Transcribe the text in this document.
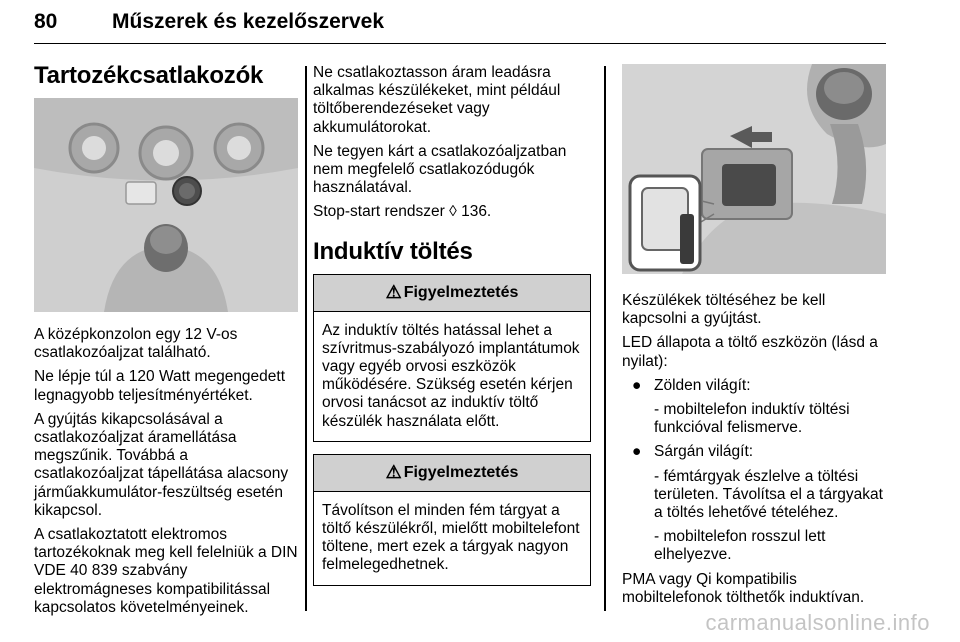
80	Műszerek és kezelőszervek
Tartozékcsatlakozók

A középkonzolon egy 12 V-os csatlakozóaljzat található.

Ne lépje túl a 120 Watt megengedett legnagyobb teljesítményértéket.

A gyújtás kikapcsolásával a csatlakozóaljzat áramellátása megszűnik. Továbbá a csatlakozóaljzat tápellátása alacsony járműakkumulátor-feszültség esetén kikapcsol.

A csatlakoztatott elektromos tartozékoknak meg kell felelniük a DIN VDE 40 839 szabvány elektromágneses kompatibilitással kapcsolatos követelményeinek.

Ne csatlakoztasson áram leadásra alkalmas készülékeket, mint például töltőberendezéseket vagy akkumulátorokat.

Ne tegyen kárt a csatlakozóaljzatban nem megfelelő csatlakozódugók használatával.

Stop-start rendszer ◊ 136.

Induktív töltés
⚠ Figyelmeztetés
Az induktív töltés hatással lehet a szívritmus-szabályozó implantátumok vagy egyéb orvosi eszközök működésére. Szükség esetén kérjen orvosi tanácsot az induktív töltő készülék használata előtt.
⚠ Figyelmeztetés
Távolítson el minden fém tárgyat a töltő készülékről, mielőtt mobiltelefont töltene, mert ezek a tárgyak nagyon felmelegedhetnek.

Készülékek töltéséhez be kell kapcsolni a gyújtást.

LED állapota a töltő eszközön (lásd a nyilat):

● Zölden világít:
- mobiltelefon induktív töltési funkcióval felismerve.
● Sárgán világít:
- fémtárgyak észlelve a töltési területen. Távolítsa el a tárgyakat a töltés lehetővé tételéhez.
- mobiltelefon rosszul lett elhelyezve.

PMA vagy Qi kompatibilis mobiltelefonok tölthetők induktívan.

carmanualsonline.info
